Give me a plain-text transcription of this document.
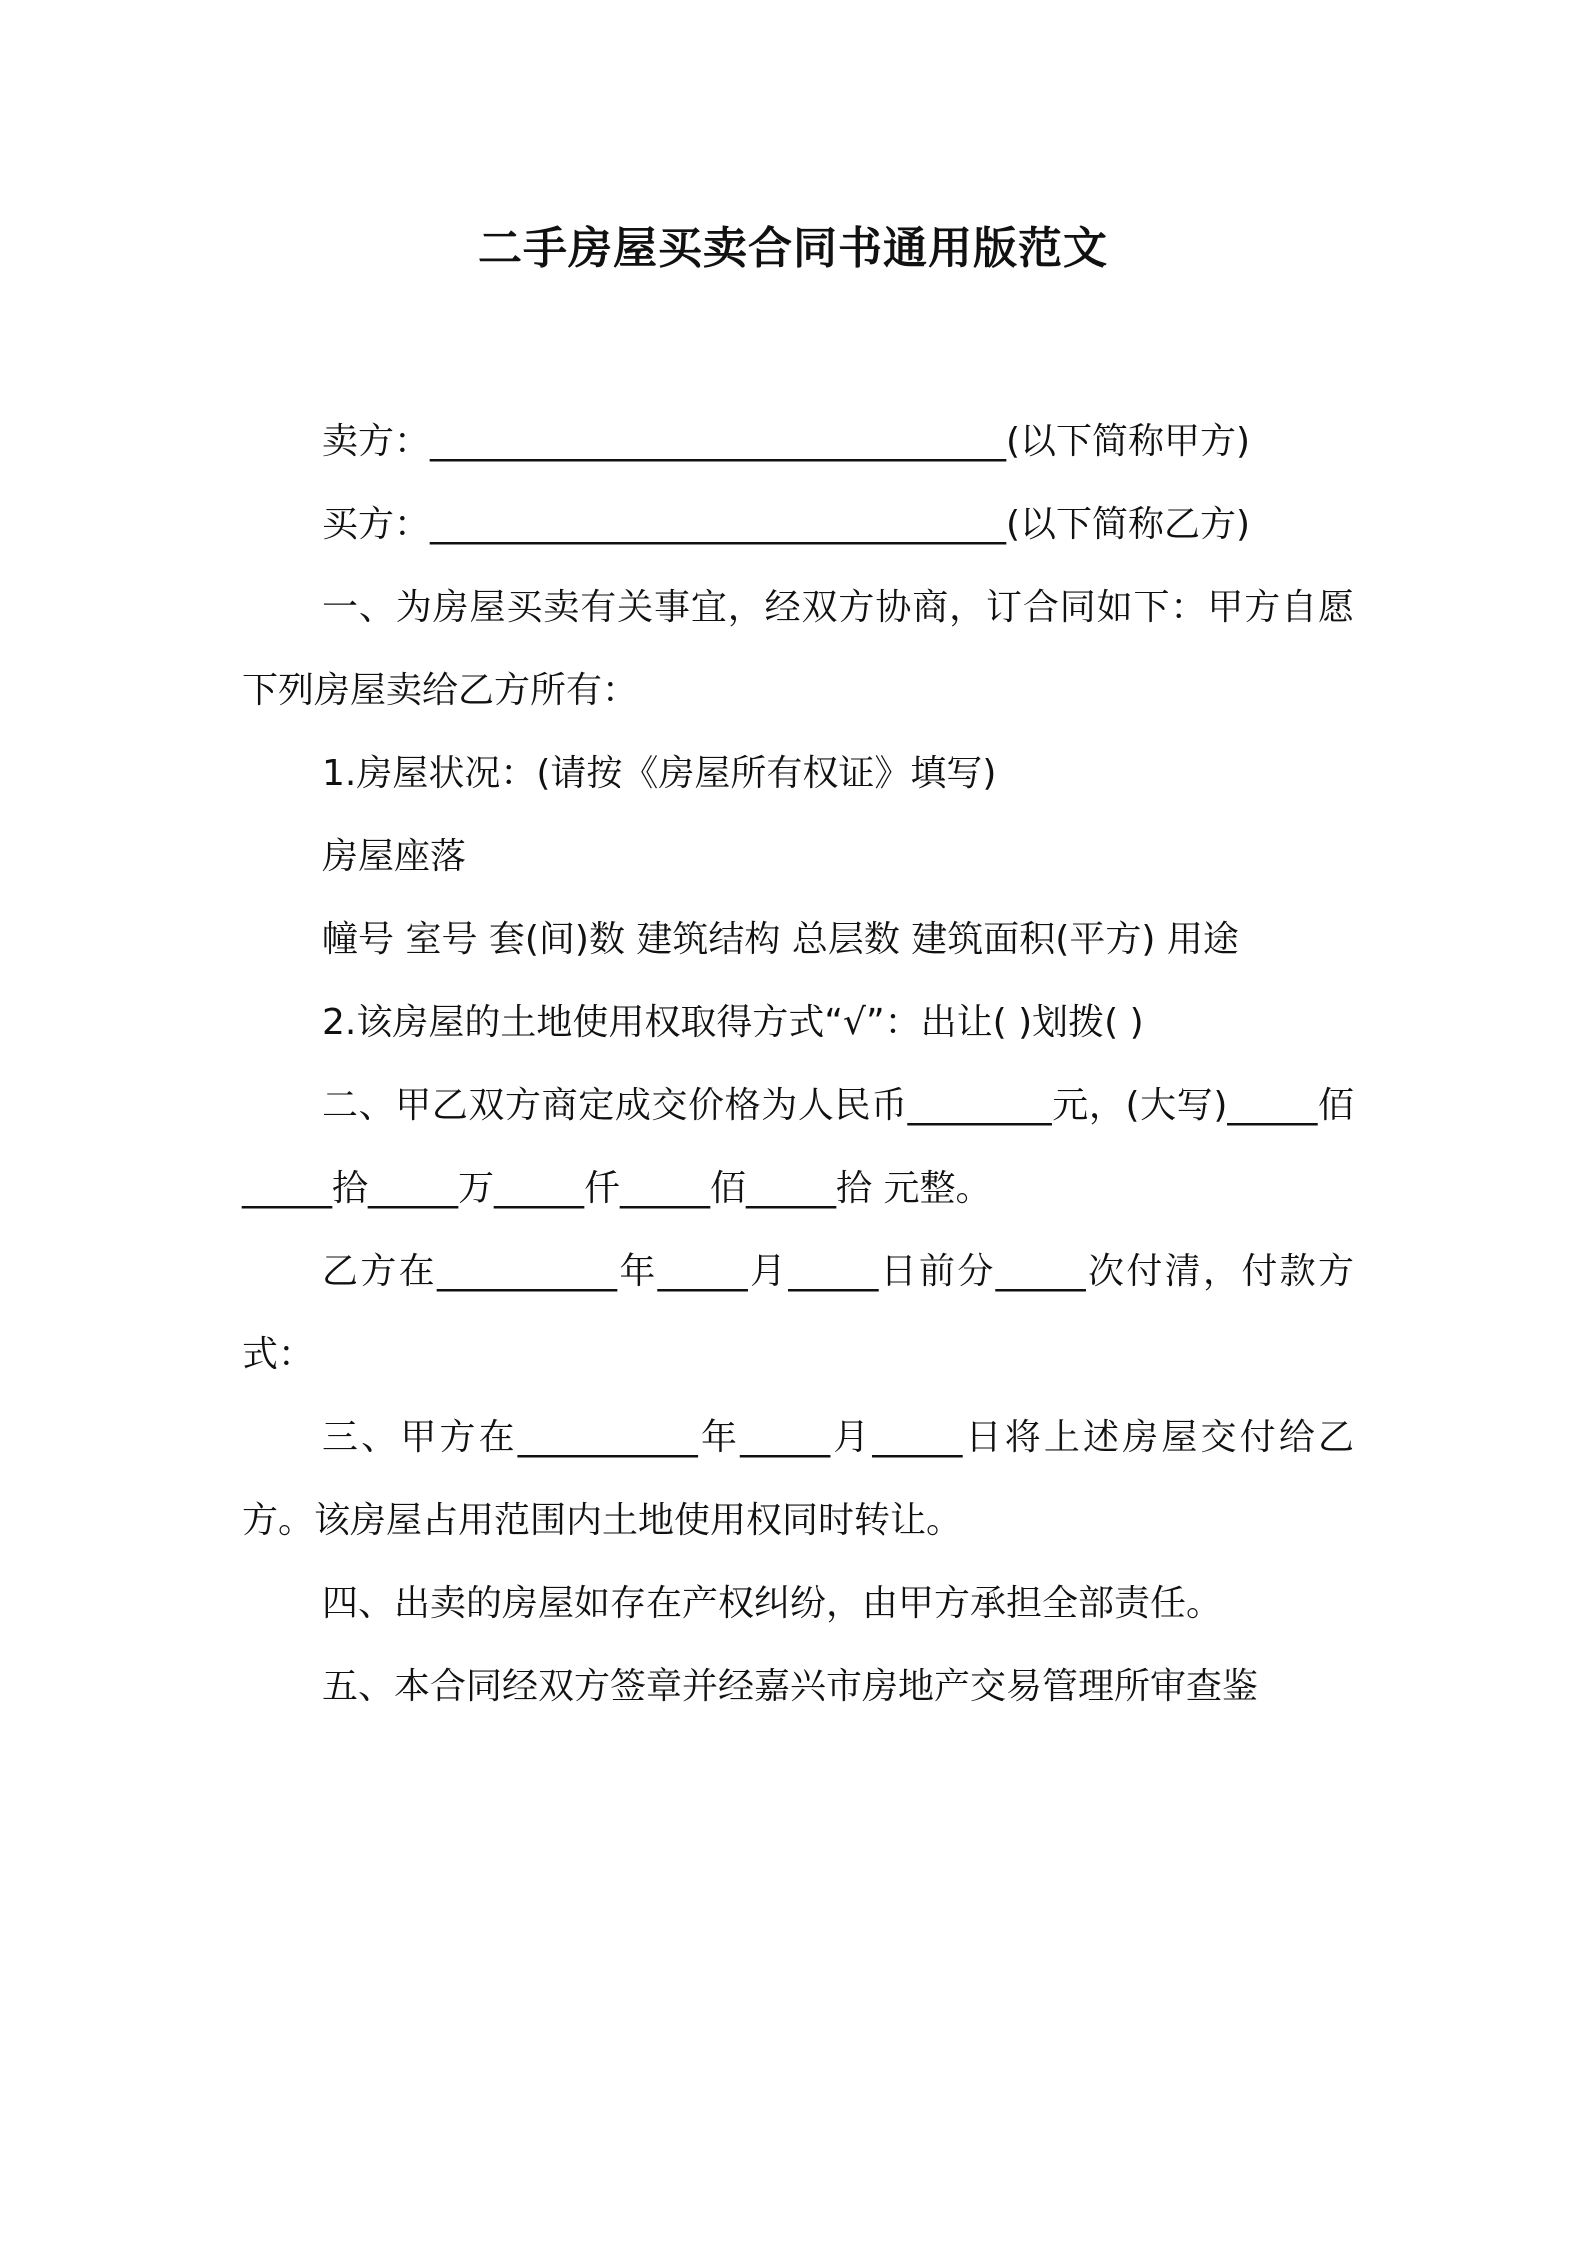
二手房屋买卖合同书通用版范文

卖方：________________________________(以下简称甲方)

买方：________________________________(以下简称乙方)

一、为房屋买卖有关事宜，经双方协商，订合同如下：甲方自愿下列房屋卖给乙方所有：

1.房屋状况：(请按《房屋所有权证》填写)

房屋座落

幢号 室号 套(间)数 建筑结构 总层数 建筑面积(平方) 用途

2.该房屋的土地使用权取得方式“√”：出让( )划拨( )

二、甲乙双方商定成交价格为人民币________元，(大写)_____佰_____拾_____万_____仟_____佰_____拾 元整。

乙方在__________年_____月_____日前分_____次付清，付款方式：

三、甲方在__________年_____月_____日将上述房屋交付给乙方。该房屋占用范围内土地使用权同时转让。

四、出卖的房屋如存在产权纠纷，由甲方承担全部责任。

五、本合同经双方签章并经嘉兴市房地产交易管理所审查鉴
